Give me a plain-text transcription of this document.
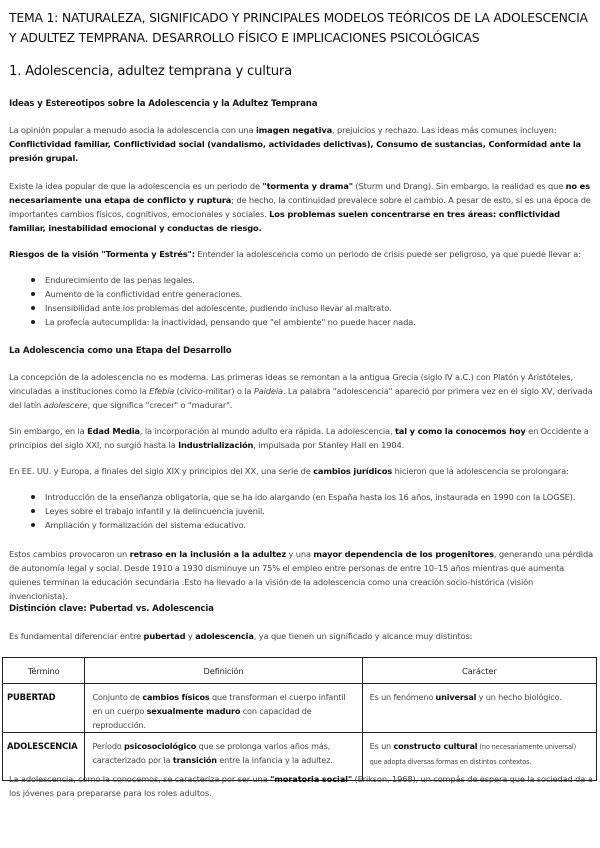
TEMA 1: NATURALEZA, SIGNIFICADO Y PRINCIPALES MODELOS TEÓRICOS DE LA ADOLESCENCIA
Y ADULTEZ TEMPRANA. DESARROLLO FÍSICO E IMPLICACIONES PSICOLÓGICAS
1. Adolescencia, adultez temprana y cultura
Ideas y Estereotipos sobre la Adolescencia y la Adultez Temprana
La opinión popular a menudo asocia la adolescencia con una imagen negativa, prejuicios y rechazo. Las ideas más comunes incluyen: Conflictividad familiar, Conflictividad social (vandalismo, actividades delictivas), Consumo de sustancias, Conformidad ante la presión grupal.
Existe la idea popular de que la adolescencia es un periodo de "tormenta y drama" (Sturm und Drang). Sin embargo, la realidad es que no es necesariamente una etapa de conflicto y ruptura; de hecho, la continuidad prevalece sobre el cambio. A pesar de esto, sí es una época de importantes cambios físicos, cognitivos, emocionales y sociales. Los problemas suelen concentrarse en tres áreas: conflictividad familiar, inestabilidad emocional y conductas de riesgo.
Riesgos de la visión "Tormenta y Estrés": Entender la adolescencia como un periodo de crisis puede ser peligroso, ya que puede llevar a:
Endurecimiento de las penas legales.
Aumento de la conflictividad entre generaciones.
Insensibilidad ante los problemas del adolescente, pudiendo incluso llevar al maltrato.
La profecía autocumplida: la inactividad, pensando que "el ambiente" no puede hacer nada.
La Adolescencia como una Etapa del Desarrollo
La concepción de la adolescencia no es moderna. Las primeras ideas se remontan a la antigua Grecia (siglo IV a.C.) con Platón y Aristóteles, vinculadas a instituciones como la Efebía (cívico-militar) o la Paideia. La palabra "adolescencia" apareció por primera vez en el siglo XV, derivada del latín adolescere, que significa "crecer" o "madurar".
Sin embargo, en la Edad Media, la incorporación al mundo adulto era rápida. La adolescencia, tal y como la conocemos hoy en Occidente a principios del siglo XXI, no surgió hasta la Industrialización, impulsada por Stanley Hall en 1904.
En EE. UU. y Europa, a finales del siglo XIX y principios del XX, una serie de cambios jurídicos hicieron que la adolescencia se prolongara:
Introducción de la enseñanza obligatoria, que se ha ido alargando (en España hasta los 16 años, instaurada en 1990 con la LOGSE).
Leyes sobre el trabajo infantil y la delincuencia juvenil.
Ampliación y formalización del sistema educativo.
Estos cambios provocaron un retraso en la inclusión a la adultez y una mayor dependencia de los progenitores, generando una pérdida de autonomía legal y social. Desde 1910 a 1930 disminuye un 75% el empleo entre personas de entre 10–15 años mientras que aumenta quienes terminan la educación secundaria .Esto ha llevado a la visión de la adolescencia como una creación socio-histórica (visión invencionista).
Distinción clave: Pubertad vs. Adolescencia
Es fundamental diferenciar entre pubertad y adolescencia, ya que tienen un significado y alcance muy distintos:
Término	Definición	Carácter
PUBERTAD	Conjunto de cambios físicos que transforman el cuerpo infantil en un cuerpo sexualmente maduro con capacidad de reproducción.	Es un fenómeno universal y un hecho biológico.
ADOLESCENCIA	Período psicosociológico que se prolonga varios años más, caracterizado por la transición entre la infancia y la adultez.	Es un constructo cultural (no necesariamente universal) que adopta diversas formas en distintos contextos.
La adolescencia, como la conocemos, se caracteriza por ser una "moratoria social" (Erikson, 1968), un compás de espera que la sociedad da a los jóvenes para prepararse para los roles adultos.
